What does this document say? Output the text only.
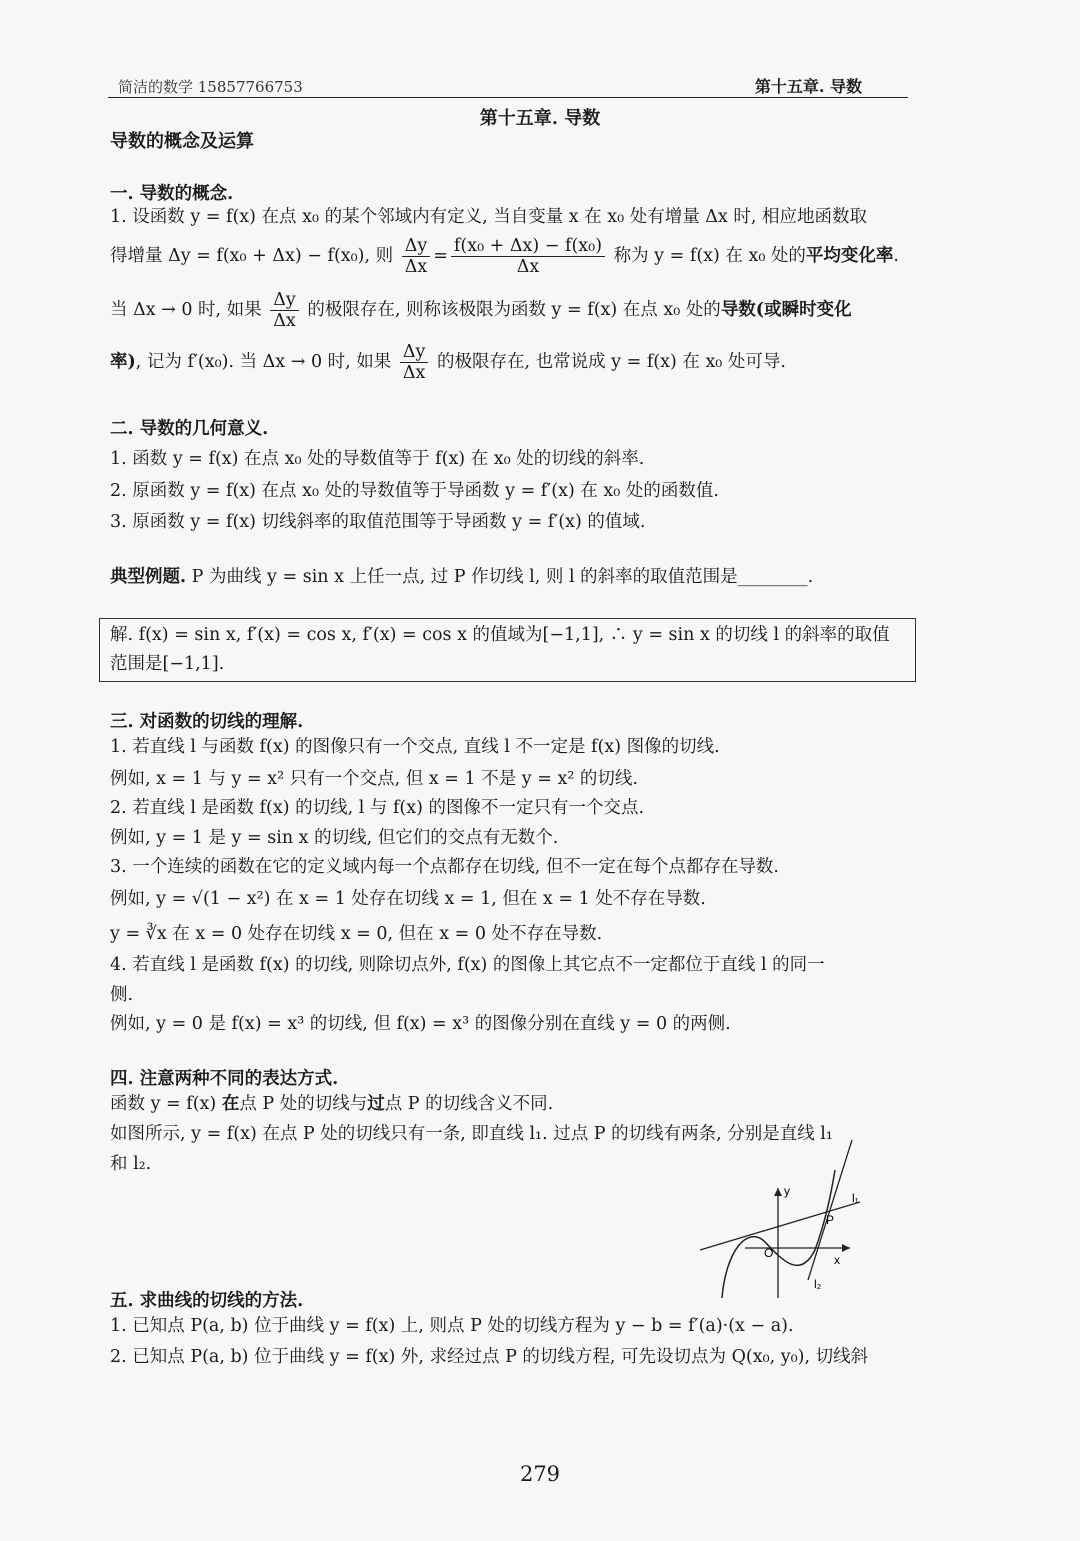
简洁的数学 15857766753	第十五章. 导数
第十五章. 导数
导数的概念及运算
一. 导数的概念.
1. 设函数 y = f(x) 在点 x₀ 的某个邻域内有定义, 当自变量 x 在 x₀ 处有增量 Δx 时, 相应地函数取
得增量 Δy = f(x₀ + Δx) − f(x₀), 则 $\frac{\Delta y}{\Delta x} = \frac{\text{f(x₀ + Δx) − f(x₀)}}{\Delta x}$ 称为 y = f(x) 在 x₀ 处的平均变化率.
当 Δx → 0 时, 如果 $\frac{\Delta y}{\Delta x}$ 的极限存在, 则称该极限为函数 y = f(x) 在点 x₀ 处的导数(或瞬时变化
率), 记为 f′(x₀). 当 Δx → 0 时, 如果 $\frac{\Delta y}{\Delta x}$ 的极限存在, 也常说成 y = f(x) 在 x₀ 处可导.
二. 导数的几何意义.
1. 函数 y = f(x) 在点 x₀ 处的导数值等于 f(x) 在 x₀ 处的切线的斜率.
2. 原函数 y = f(x) 在点 x₀ 处的导数值等于导函数 y = f′(x) 在 x₀ 处的函数值.
3. 原函数 y = f(x) 切线斜率的取值范围等于导函数 y = f′(x) 的值域.
典型例题. P 为曲线 y = sin x 上任一点, 过 P 作切线 l, 则 l 的斜率的取值范围是________.
解. f(x) = sin x, f′(x) = cos x, f′(x) = cos x 的值域为[−1,1], ∴ y = sin x 的切线 l 的斜率的取值
范围是[−1,1].
三. 对函数的切线的理解.
1. 若直线 l 与函数 f(x) 的图像只有一个交点, 直线 l 不一定是 f(x) 图像的切线.
例如, x = 1 与 y = x² 只有一个交点, 但 x = 1 不是 y = x² 的切线.
2. 若直线 l 是函数 f(x) 的切线, l 与 f(x) 的图像不一定只有一个交点.
例如, y = 1 是 y = sin x 的切线, 但它们的交点有无数个.
3. 一个连续的函数在它的定义域内每一个点都存在切线, 但不一定在每个点都存在导数.
例如, y = √(1 − x²) 在 x = 1 处存在切线 x = 1, 但在 x = 1 处不存在导数.
y = ∛x 在 x = 0 处存在切线 x = 0, 但在 x = 0 处不存在导数.
4. 若直线 l 是函数 f(x) 的切线, 则除切点外, f(x) 的图像上其它点不一定都位于直线 l 的同一
侧.
例如, y = 0 是 f(x) = x³ 的切线, 但 f(x) = x³ 的图像分别在直线 y = 0 的两侧.
四. 注意两种不同的表达方式.
函数 y = f(x) 在点 P 处的切线与过点 P 的切线含义不同.
如图所示, y = f(x) 在点 P 处的切线只有一条, 即直线 l₁. 过点 P 的切线有两条, 分别是直线 l₁
和 l₂.
y
x
O
P
l₁
l₂
五. 求曲线的切线的方法.
1. 已知点 P(a, b) 位于曲线 y = f(x) 上, 则点 P 处的切线方程为 y − b = f′(a)·(x − a).
2. 已知点 P(a, b) 位于曲线 y = f(x) 外, 求经过点 P 的切线方程, 可先设切点为 Q(x₀, y₀), 切线斜
279
